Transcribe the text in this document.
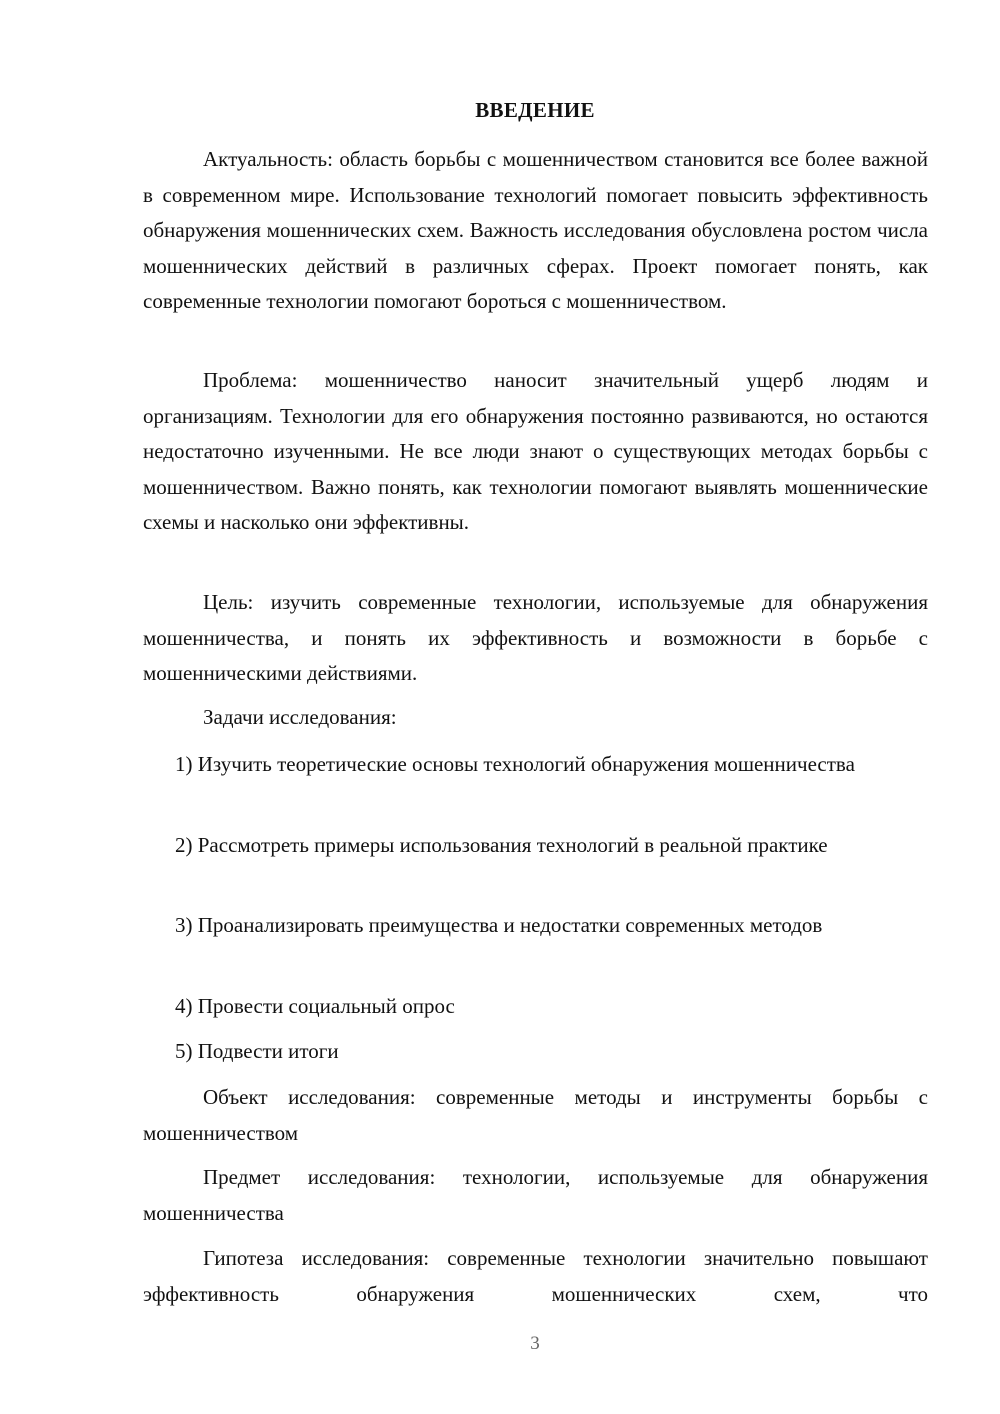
ВВЕДЕНИЕ

Актуальность: область борьбы с мошенничеством становится все более важной в современном мире. Использование технологий помогает повысить эффективность обнаружения мошеннических схем. Важность исследования обусловлена ростом числа мошеннических действий в различных сферах. Проект помогает понять, как современные технологии помогают бороться с мошенничеством.

Проблема: мошенничество наносит значительный ущерб людям и организациям. Технологии для его обнаружения постоянно развиваются, но остаются недостаточно изученными. Не все люди знают о существующих методах борьбы с мошенничеством. Важно понять, как технологии помогают выявлять мошеннические схемы и насколько они эффективны.

Цель: изучить современные технологии, используемые для обнаружения мошенничества, и понять их эффективность и возможности в борьбе с мошенническими действиями.

Задачи исследования:

1) Изучить теоретические основы технологий обнаружения мошенничества

2) Рассмотреть примеры использования технологий в реальной практике

3) Проанализировать преимущества и недостатки современных методов

4) Провести социальный опрос

5) Подвести итоги

Объект исследования: современные методы и инструменты борьбы с мошенничеством

Предмет исследования: технологии, используемые для обнаружения мошенничества

Гипотеза исследования: современные технологии значительно повышают эффективность обнаружения мошеннических схем, что

3
